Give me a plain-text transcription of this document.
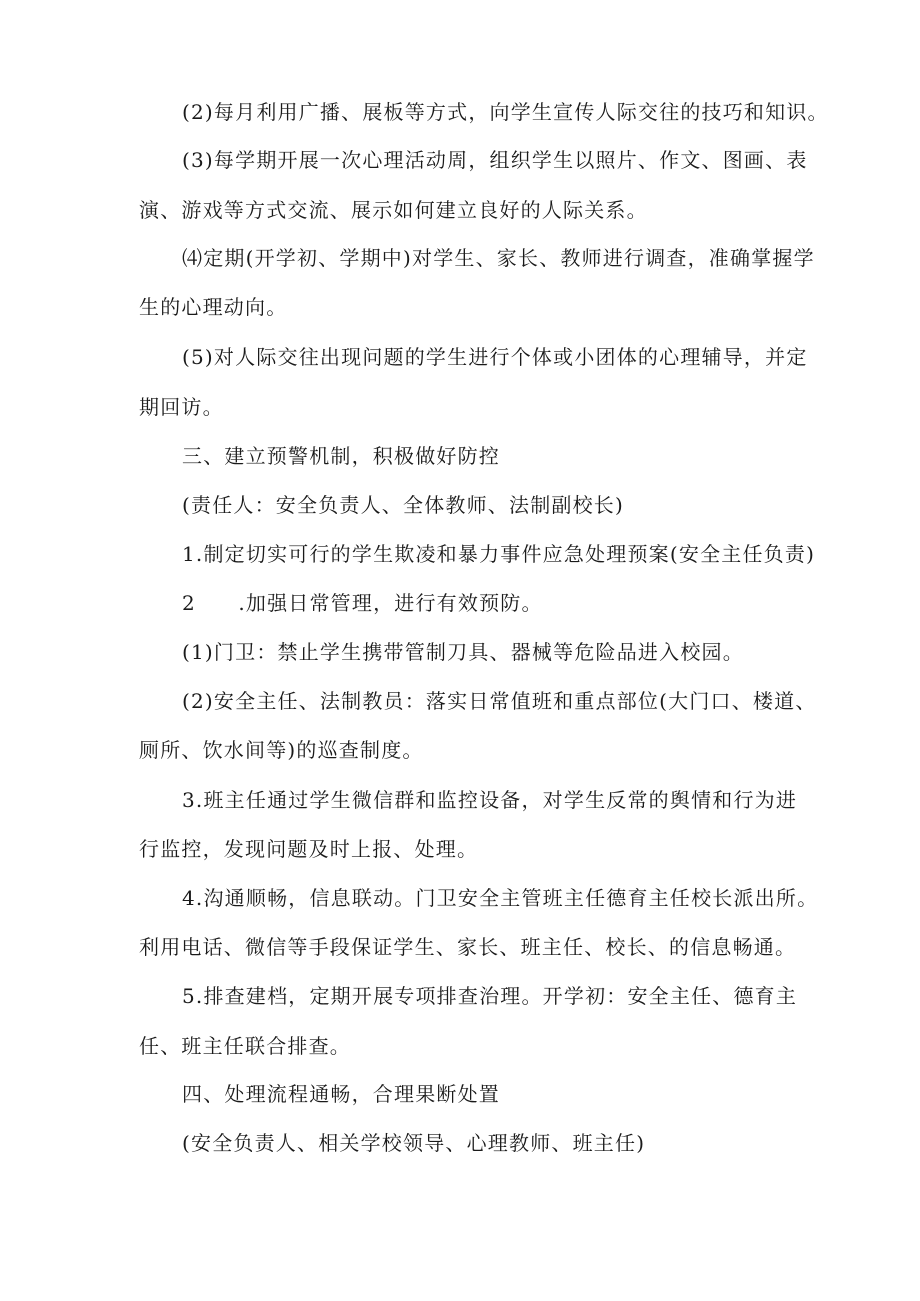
(2)每月利用广播、展板等方式，向学生宣传人际交往的技巧和知识。
(3)每学期开展一次心理活动周，组织学生以照片、作文、图画、表
演、游戏等方式交流、展示如何建立良好的人际关系。
⑷定期(开学初、学期中)对学生、家长、教师进行调查，准确掌握学
生的心理动向。
(5)对人际交往出现问题的学生进行个体或小团体的心理辅导，并定
期回访。
三、建立预警机制，积极做好防控
(责任人：安全负责人、全体教师、法制副校长)
1.制定切实可行的学生欺凌和暴力事件应急处理预案(安全主任负责)
2　　.加强日常管理，进行有效预防。
(1)门卫：禁止学生携带管制刀具、器械等危险品进入校园。
(2)安全主任、法制教员：落实日常值班和重点部位(大门口、楼道、
厕所、饮水间等)的巡查制度。
3.班主任通过学生微信群和监控设备，对学生反常的舆情和行为进
行监控，发现问题及时上报、处理。
4.沟通顺畅，信息联动。门卫安全主管班主任德育主任校长派出所。
利用电话、微信等手段保证学生、家长、班主任、校长、的信息畅通。
5.排查建档，定期开展专项排查治理。开学初：安全主任、德育主
任、班主任联合排查。
四、处理流程通畅，合理果断处置
(安全负责人、相关学校领导、心理教师、班主任)
